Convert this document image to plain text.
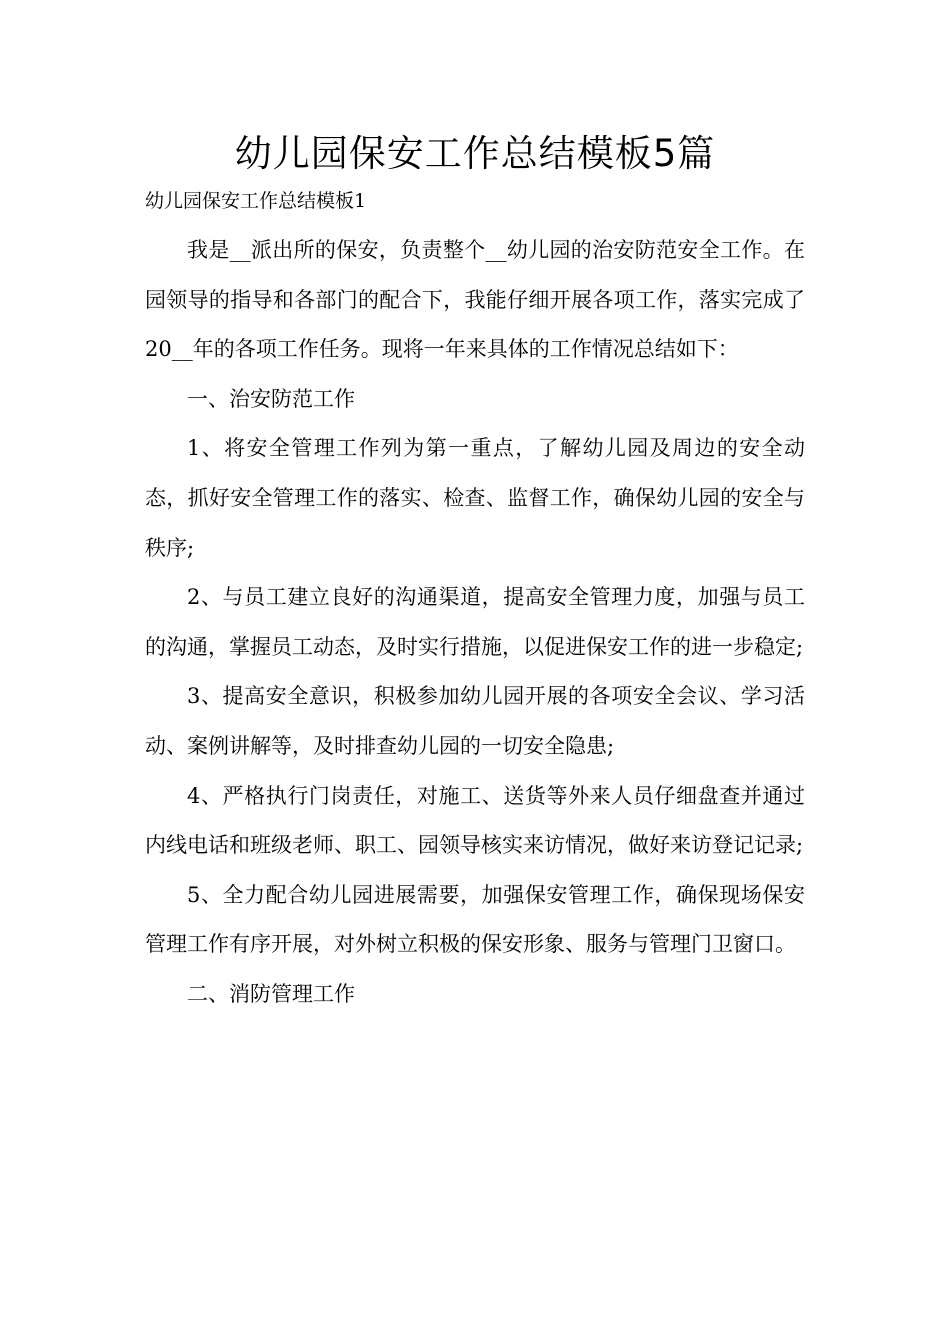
幼儿园保安工作总结模板5篇

幼儿园保安工作总结模板1

我是__派出所的保安，负责整个__幼儿园的治安防范安全工作。在园领导的指导和各部门的配合下，我能仔细开展各项工作，落实完成了20__年的各项工作任务。现将一年来具体的工作情况总结如下：

一、治安防范工作

1、将安全管理工作列为第一重点，了解幼儿园及周边的安全动态，抓好安全管理工作的落实、检查、监督工作，确保幼儿园的安全与秩序;

2、与员工建立良好的沟通渠道，提高安全管理力度，加强与员工的沟通，掌握员工动态，及时实行措施，以促进保安工作的进一步稳定;

3、提高安全意识，积极参加幼儿园开展的各项安全会议、学习活动、案例讲解等，及时排查幼儿园的一切安全隐患;

4、严格执行门岗责任，对施工、送货等外来人员仔细盘查并通过内线电话和班级老师、职工、园领导核实来访情况，做好来访登记记录;

5、全力配合幼儿园进展需要，加强保安管理工作，确保现场保安管理工作有序开展，对外树立积极的保安形象、服务与管理门卫窗口。

二、消防管理工作
